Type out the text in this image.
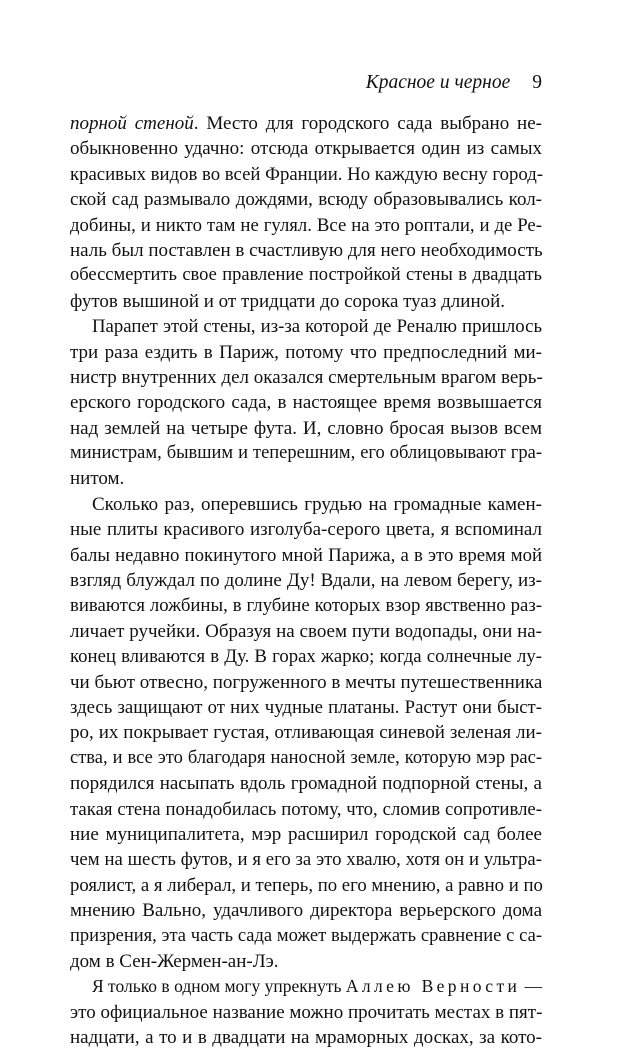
Красное и черное 9
порной стеной. Место для городского сада выбрано не-
обыкновенно удачно: отсюда открывается один из самых
красивых видов во всей Франции. Но каждую весну город-
ской сад размывало дождями, всюду образовывались кол-
добины, и никто там не гулял. Все на это роптали, и де Ре-
наль был поставлен в счастливую для него необходимость
обессмертить свое правление постройкой стены в двадцать
футов вышиной и от тридцати до сорока туаз длиной.
Парапет этой стены, из-за которой де Реналю пришлось
три раза ездить в Париж, потому что предпоследний ми-
нистр внутренних дел оказался смертельным врагом верь-
ерского городского сада, в настоящее время возвышается
над землей на четыре фута. И, словно бросая вызов всем
министрам, бывшим и теперешним, его облицовывают гра-
нитом.
Сколько раз, оперевшись грудью на громадные камен-
ные плиты красивого изголуба-серого цвета, я вспоминал
балы недавно покинутого мной Парижа, а в это время мой
взгляд блуждал по долине Ду! Вдали, на левом берегу, из-
виваются ложбины, в глубине которых взор явственно раз-
личает ручейки. Образуя на своем пути водопады, они на-
конец вливаются в Ду. В горах жарко; когда солнечные лу-
чи бьют отвесно, погруженного в мечты путешественника
здесь защищают от них чудные платаны. Растут они быст-
ро, их покрывает густая, отливающая синевой зеленая ли-
ства, и все это благодаря наносной земле, которую мэр рас-
порядился насыпать вдоль громадной подпорной стены, а
такая стена понадобилась потому, что, сломив сопротивле-
ние муниципалитета, мэр расширил городской сад более
чем на шесть футов, и я его за это хвалю, хотя он и ультра-
роялист, а я либерал, и теперь, по его мнению, а равно и по
мнению Вально, удачливого директора верьерского дома
призрения, эта часть сада может выдержать сравнение с са-
дом в Сен-Жермен-ан-Лэ.
Я только в одном могу упрекнуть Аллею Верности —
это официальное название можно прочитать местах в пят-
надцати, а то и в двадцати на мраморных досках, за кото-
